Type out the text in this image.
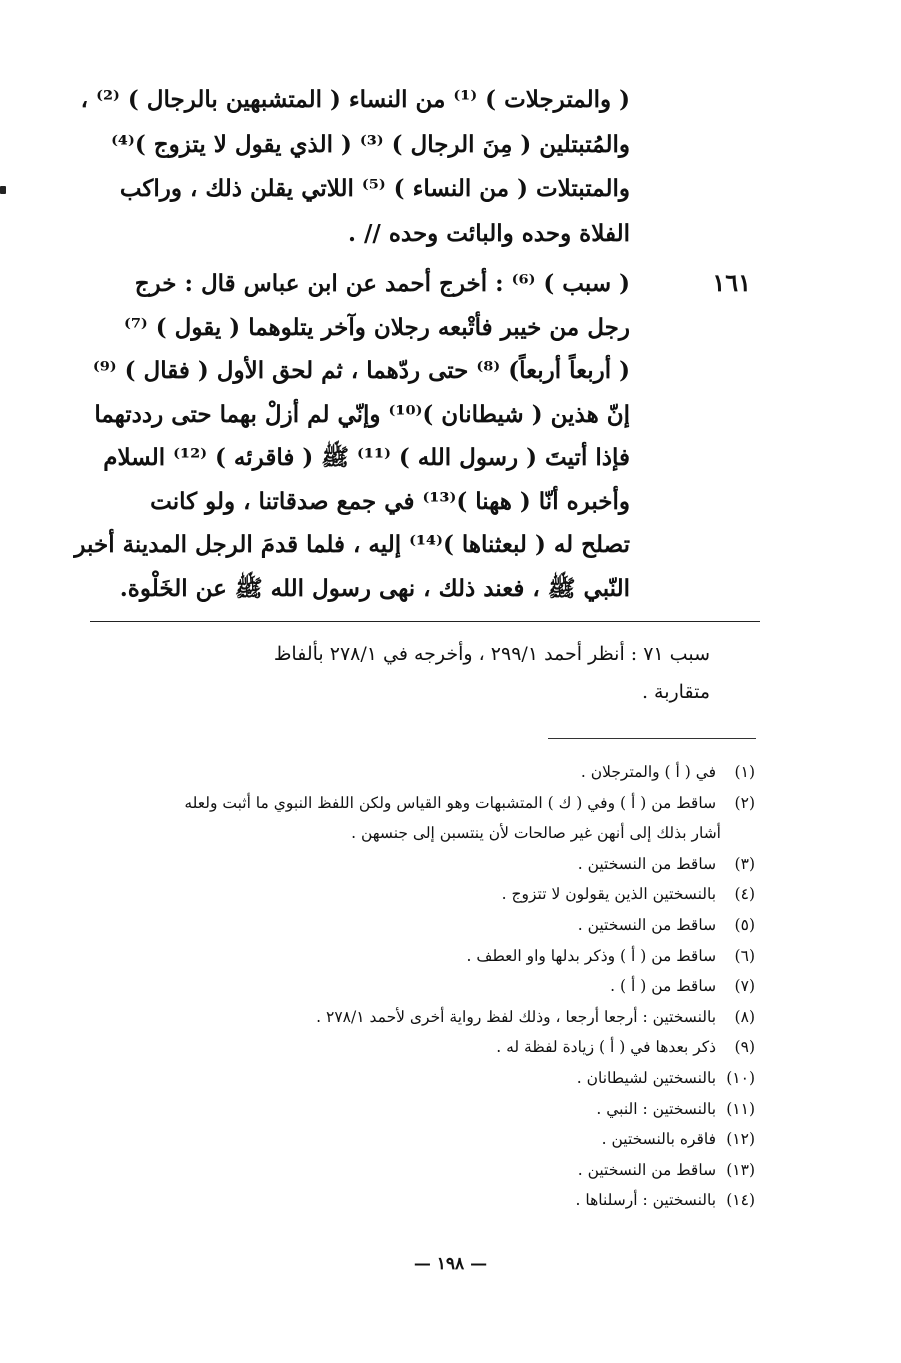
( والمترجلات ) ⁽¹⁾ من النساء ( المتشبهين بالرجال ) ⁽²⁾ ،
والمُتبتلين ( مِنَ الرجال ) ⁽³⁾ ( الذي يقول لا يتزوج )⁽⁴⁾
والمتبتلات ( من النساء ) ⁽⁵⁾ اللاتي يقلن ذلك ، وراكب
الفلاة وحده والبائت وحده // .
١٦١
( سبب ) ⁽⁶⁾ : أخرج أحمد عن ابن عباس قال : خرج
رجل من خيبر فأتْبعه رجلان وآخر يتلوهما ( يقول ) ⁽⁷⁾
( أربعاً أربعاً) ⁽⁸⁾ حتى ردّهما ، ثم لحق الأول ( فقال ) ⁽⁹⁾
إنّ هذين ( شيطانان )⁽¹⁰⁾ وإنّي لم أزلْ بهما حتى رددتهما
فإذا أتيتَ ( رسول الله ) ⁽¹¹⁾ ﷺ ( فاقرئه ) ⁽¹²⁾ السلام
وأخبره أنّا ( ههنا )⁽¹³⁾ في جمع صدقاتنا ، ولو كانت
تصلح له ( لبعثناها )⁽¹⁴⁾ إليه ، فلما قدمَ الرجل المدينة أخبر
النّبي ﷺ ، فعند ذلك ، نهى رسول الله ﷺ عن الخَلْوة.
سبب ٧١ : أنظر أحمد ٢٩٩/١ ، وأخرجه في ٢٧٨/١ بألفاظ
متقاربة .
(١) في ( أ ) والمترجلان .
(٢) ساقط من ( أ ) وفي ( ك ) المتشبهات وهو القياس ولكن اللفظ النبوي ما أثبت ولعله
أشار بذلك إلى أنهن غير صالحات لأن ينتسبن إلى جنسهن .
(٣) ساقط من النسختين .
(٤) بالنسختين الذين يقولون لا تتزوج .
(٥) ساقط من النسختين .
(٦) ساقط من ( أ ) وذكر بدلها واو العطف .
(٧) ساقط من ( أ ) .
(٨) بالنسختين : أرجعا أرجعا ، وذلك لفظ رواية أخرى لأحمد ٢٧٨/١ .
(٩) ذكر بعدها في ( أ ) زيادة لفظة له .
(١٠) بالنسختين لشيطانان .
(١١) بالنسختين : النبي .
(١٢) فاقره بالنسختين .
(١٣) ساقط من النسختين .
(١٤) بالنسختين : أرسلناها .
— ١٩٨ —
